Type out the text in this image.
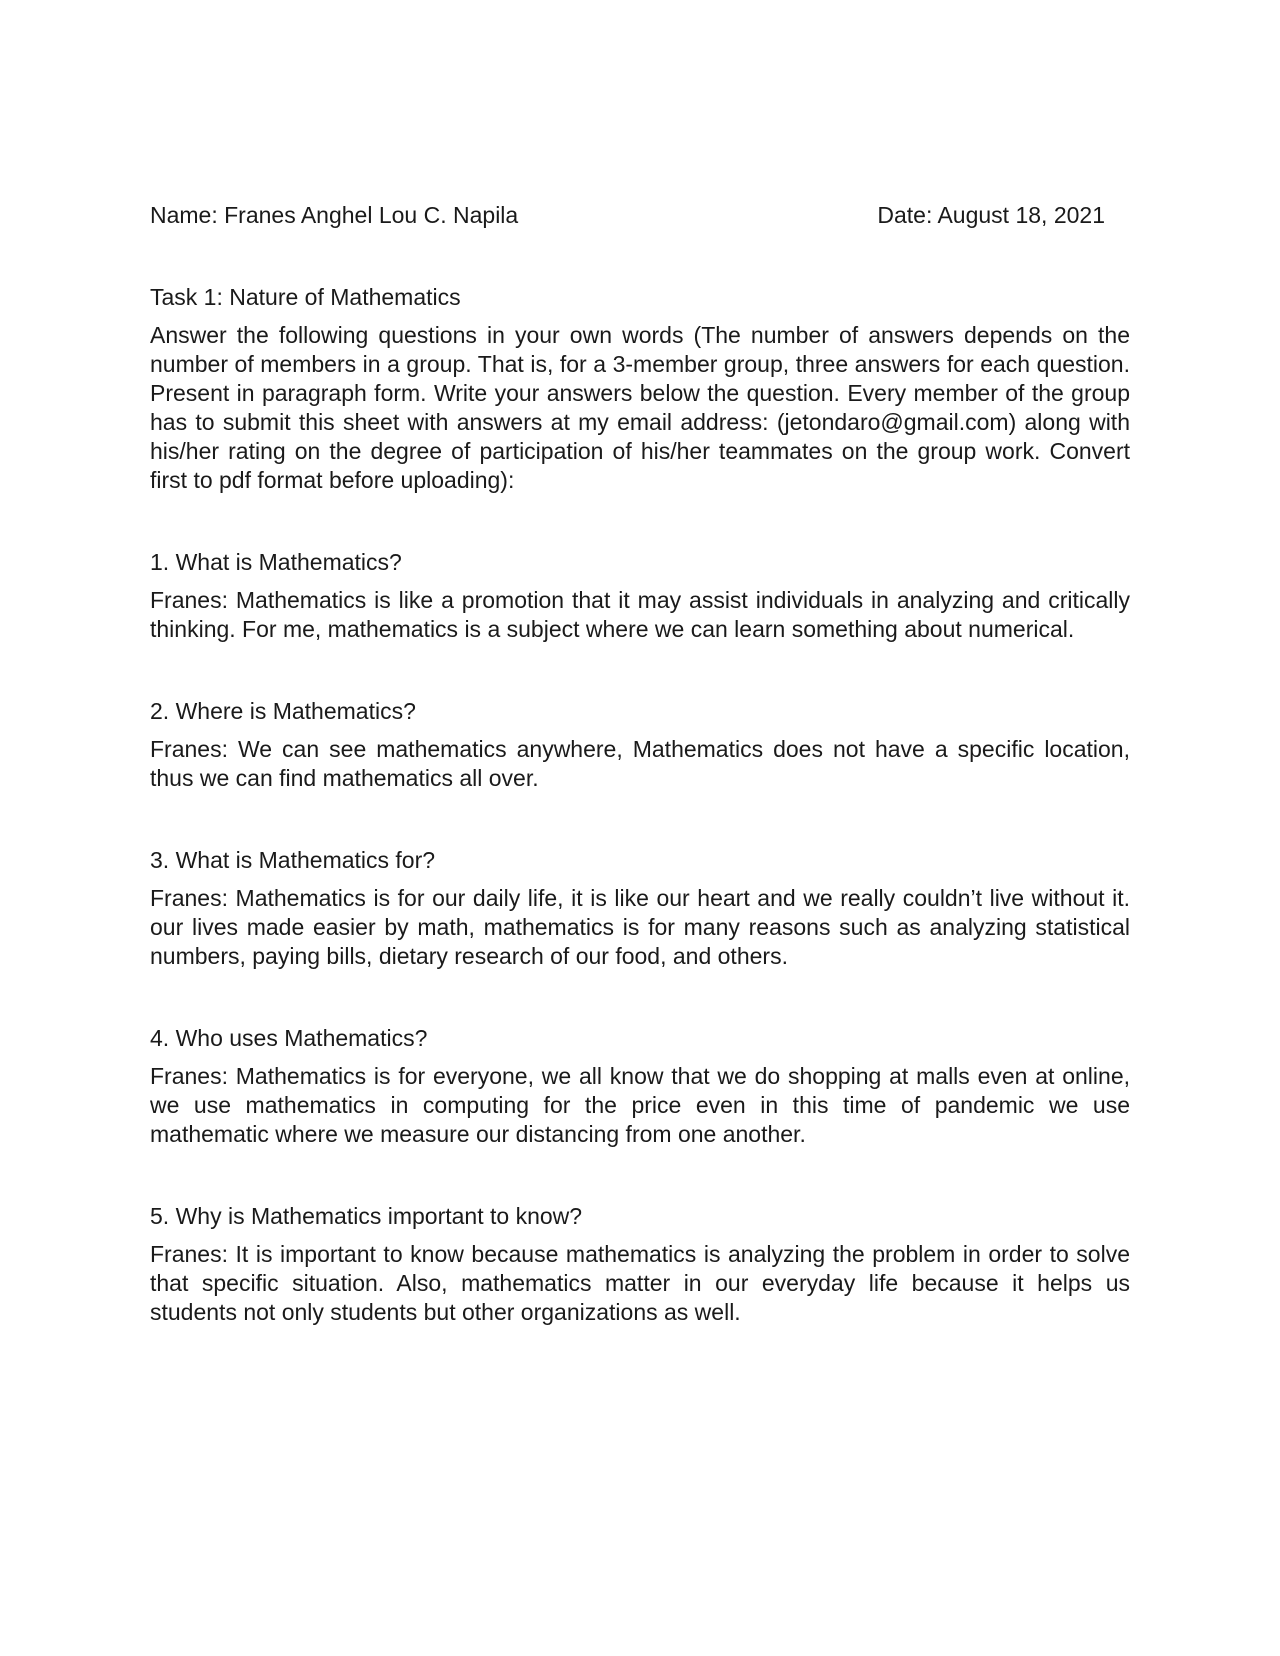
Name: Franes Anghel Lou C. Napila	Date: August 18, 2021
Task 1: Nature of Mathematics
Answer the following questions in your own words (The number of answers depends on the number of members in a group. That is, for a 3-member group, three answers for each question. Present in paragraph form. Write your answers below the question. Every member of the group has to submit this sheet with answers at my email address: (jetondaro@gmail.com) along with his/her rating on the degree of participation of his/her teammates on the group work. Convert first to pdf format before uploading):
1. What is Mathematics?
Franes: Mathematics is like a promotion that it may assist individuals in analyzing and critically thinking. For me, mathematics is a subject where we can learn something about numerical.
2. Where is Mathematics?
Franes: We can see mathematics anywhere, Mathematics does not have a specific location, thus we can find mathematics all over.
3. What is Mathematics for?
Franes: Mathematics is for our daily life, it is like our heart and we really couldn’t live without it. our lives made easier by math, mathematics is for many reasons such as analyzing statistical numbers, paying bills, dietary research of our food, and others.
4. Who uses Mathematics?
Franes: Mathematics is for everyone, we all know that we do shopping at malls even at online, we use mathematics in computing for the price even in this time of pandemic we use mathematic where we measure our distancing from one another.
5. Why is Mathematics important to know?
Franes: It is important to know because mathematics is analyzing the problem in order to solve that specific situation. Also, mathematics matter in our everyday life because it helps us students not only students but other organizations as well.
